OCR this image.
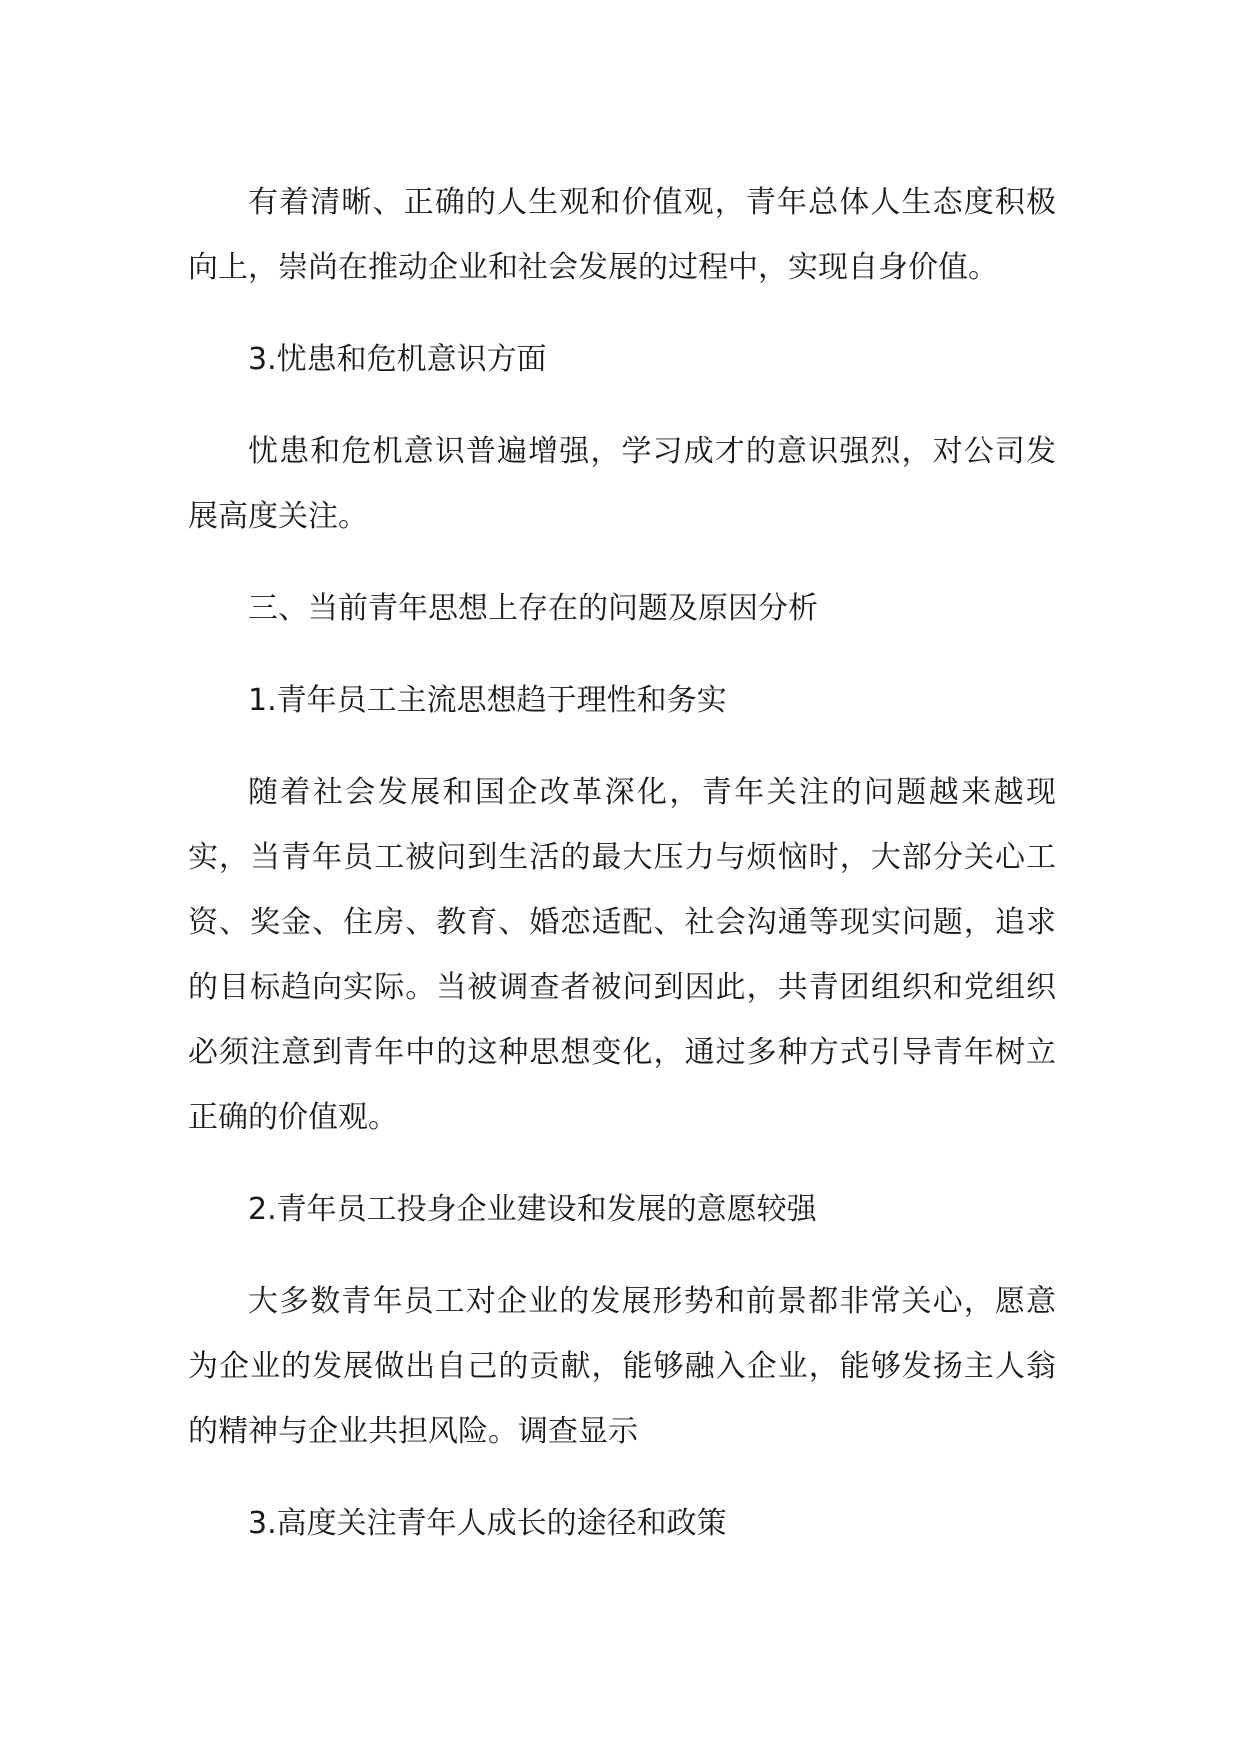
有着清晰、正确的人生观和价值观，青年总体人生态度积极向上，崇尚在推动企业和社会发展的过程中，实现自身价值。

3.忧患和危机意识方面

忧患和危机意识普遍增强，学习成才的意识强烈，对公司发展高度关注。

三、当前青年思想上存在的问题及原因分析

1.青年员工主流思想趋于理性和务实

随着社会发展和国企改革深化，青年关注的问题越来越现实，当青年员工被问到生活的最大压力与烦恼时，大部分关心工资、奖金、住房、教育、婚恋适配、社会沟通等现实问题，追求的目标趋向实际。当被调查者被问到因此，共青团组织和党组织必须注意到青年中的这种思想变化，通过多种方式引导青年树立正确的价值观。

2.青年员工投身企业建设和发展的意愿较强

大多数青年员工对企业的发展形势和前景都非常关心，愿意为企业的发展做出自己的贡献，能够融入企业，能够发扬主人翁的精神与企业共担风险。调查显示

3.高度关注青年人成长的途径和政策
